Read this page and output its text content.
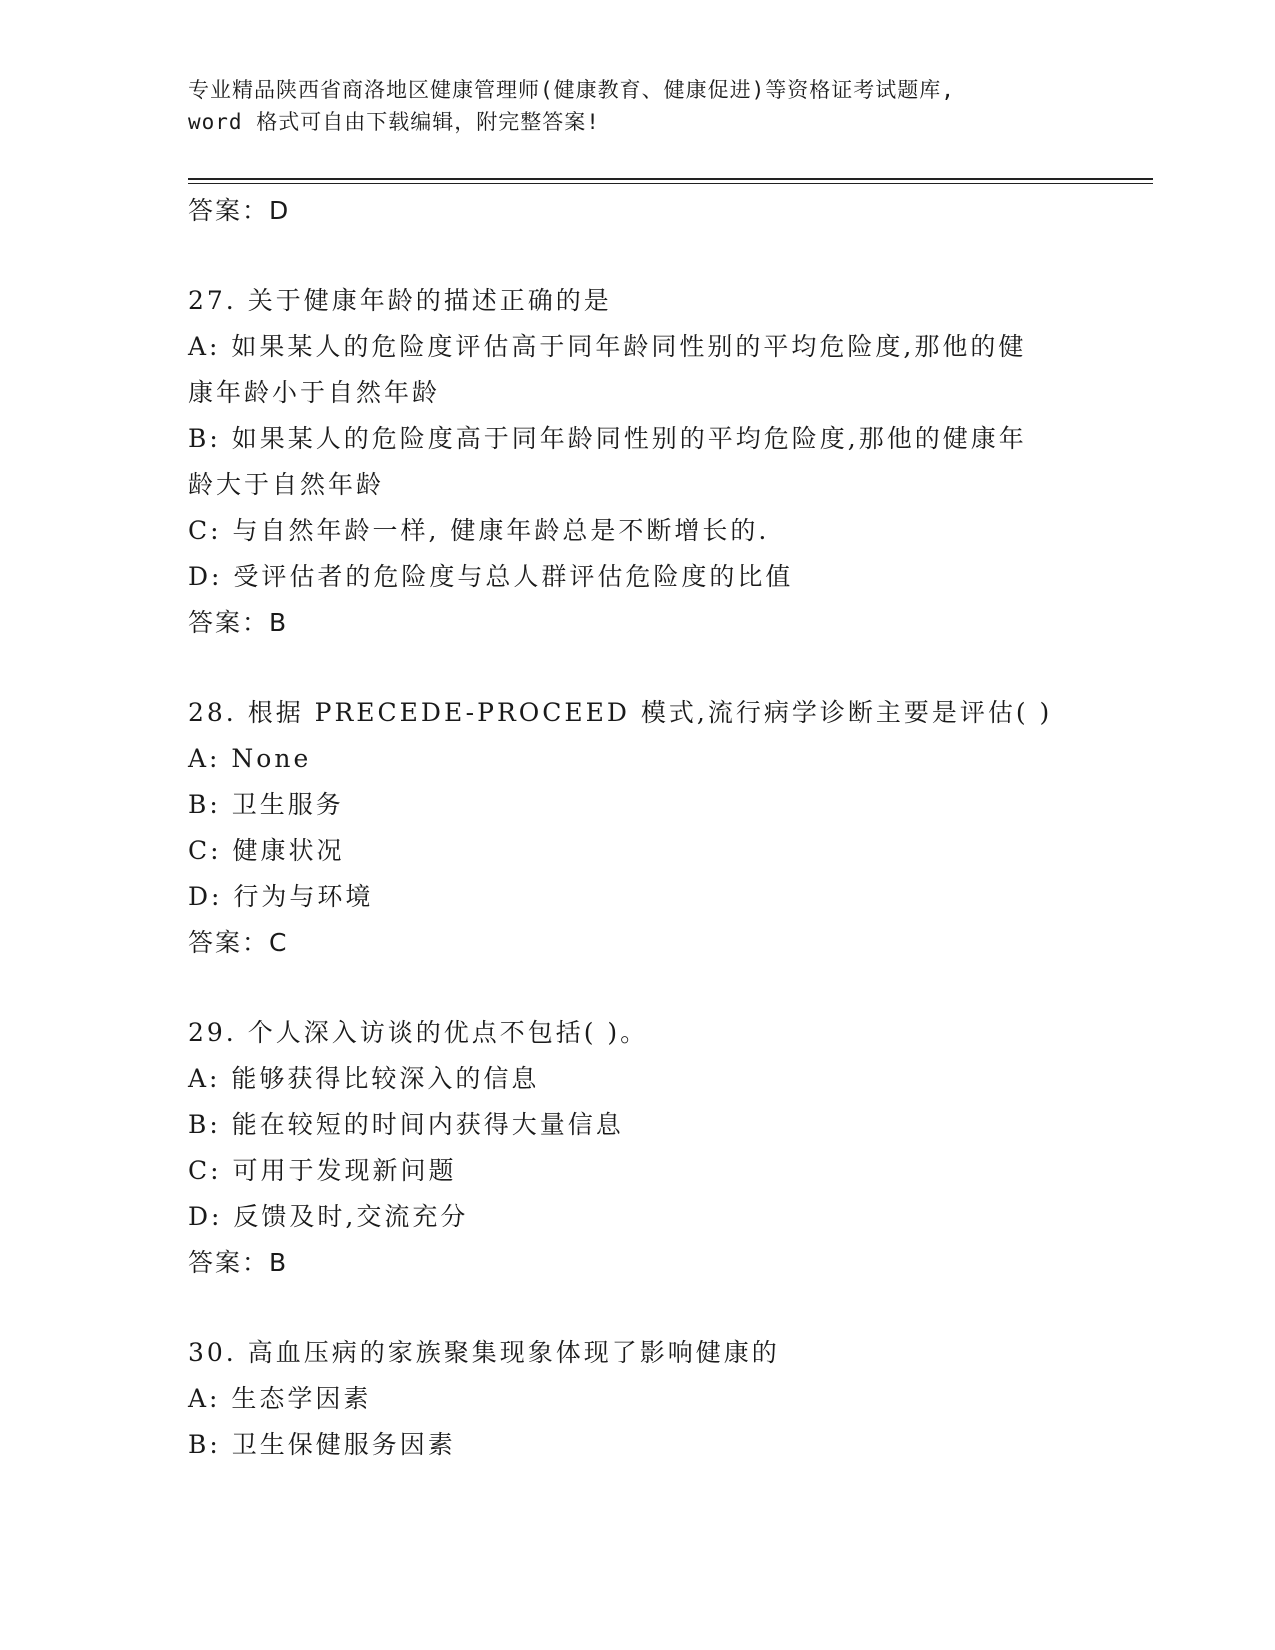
专业精品陕西省商洛地区健康管理师(健康教育、健康促进)等资格证考试题库,
word 格式可自由下载编辑，附完整答案!
答案：D
27. 关于健康年龄的描述正确的是
A: 如果某人的危险度评估高于同年龄同性别的平均危险度,那他的健
康年龄小于自然年龄
B: 如果某人的危险度高于同年龄同性别的平均危险度,那他的健康年
龄大于自然年龄
C: 与自然年龄一样, 健康年龄总是不断增长的.
D: 受评估者的危险度与总人群评估危险度的比值
答案：B
28. 根据 PRECEDE-PROCEED 模式,流行病学诊断主要是评估( )
A: None
B: 卫生服务
C: 健康状况
D: 行为与环境
答案：C
29. 个人深入访谈的优点不包括( )。
A: 能够获得比较深入的信息
B: 能在较短的时间内获得大量信息
C: 可用于发现新问题
D: 反馈及时,交流充分
答案：B
30. 高血压病的家族聚集现象体现了影响健康的
A: 生态学因素
B: 卫生保健服务因素
